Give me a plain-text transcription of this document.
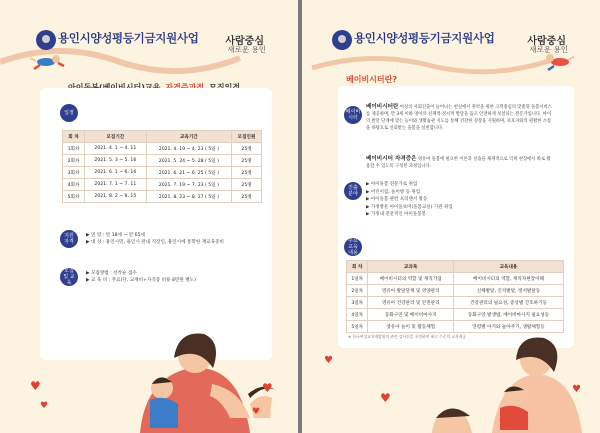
용인시양성평등기금지원사업	사람중심
새로운 용인
일정
회 차	모집기간	교육기간	모집인원
1회차	2021. 4. 1 ~ 4. 11	2021. 4. 19 ~ 4. 23 ( 5일 )	25명
2회차	2021. 5. 3 ~ 5. 16	2021. 5. 24 ~ 5. 28 ( 5일 )	25명
3회차	2021. 6. 1 ~ 6. 16	2021. 6. 21 ~ 6. 25 ( 5일 )	25명
4회차	2021. 7. 1 ~ 7. 11	2021. 7. 19 ~ 7. 23 ( 5일 )	25명
5회차	2021. 8. 2 ~ 8. 15	2021. 8. 23 ~ 8. 27 ( 5일 )	25명
지원 자격
▶ 연 령 : 만 18세 ~ 만 65세
▶ 대 상 : 용인시민, 용인시 관내 직장인, 용인시에 통학한 재교육준비
모집 및 교육
▶ 모집방법 : 선착순 접수
▶ 교 육 비 : 무료(단, 교재비+자격증 비용 8만원 별도)
♥
♥
♥
♥
용인시양성평등기금지원사업	사람중심
새로운 용인
베이비시터란?
베이비 시터
베이비시터란 여성의 사회진출이 늘어나는 현실에서 취약을 위한 고객중심의 맞춤형 돌봄서비스를 제공하며, 만 3세 이하 영아의 신체적·정서적 발달을 돕고 안전하게 보살피는 전문가입니다. 아이의 발달 단계에 맞는 놀이와 생활습관 지도를 통해 건강한 성장을 지원하며, 보호자와의 원활한 소통을 바탕으로 신뢰받는 돌봄을 실천합니다.
베이비시터 자격증은 영유아 돌봄에 필요한 이론과 실습을 체계적으로 익혀 현장에서 바로 활용할 수 있도록 구성된 과정입니다.
진출 분야
▶ 아이돌봄 전문가로 취업
▶ 어린이집, 놀이방 등 취업
▶ 아이돌봄 관련 프리랜서 활동
▶ 가정방문 아이돌보미(돌봄교실) 기관 취업
▶ 가정내 전문적인 아이돌봄봉
주요 교육 내용
회 차	교과목	교육내용
1일차	베이비시터의 역할 및 재직가업	베이비시터의 역할, 재직자현장이해
2일차	영유아 발달단계 및 영양관리	신체발달, 인지발달, 정서발달등
3일차	영유아 건강관리 및 안전관리	건강관리의 필요성, 증상별 간호하기등
4일차	동화구연 및 베이비마사지	동화구연 발생법, 베이비마사지 필요성등
5일차	영유아 놀이 및 활동체험	연령별 아기와 놀아주기, 생활체험등
※ 한국여성교육개발원의 관련 강사진을 초빙하여 최고 수준의 교육제공
♥
♥
♥
